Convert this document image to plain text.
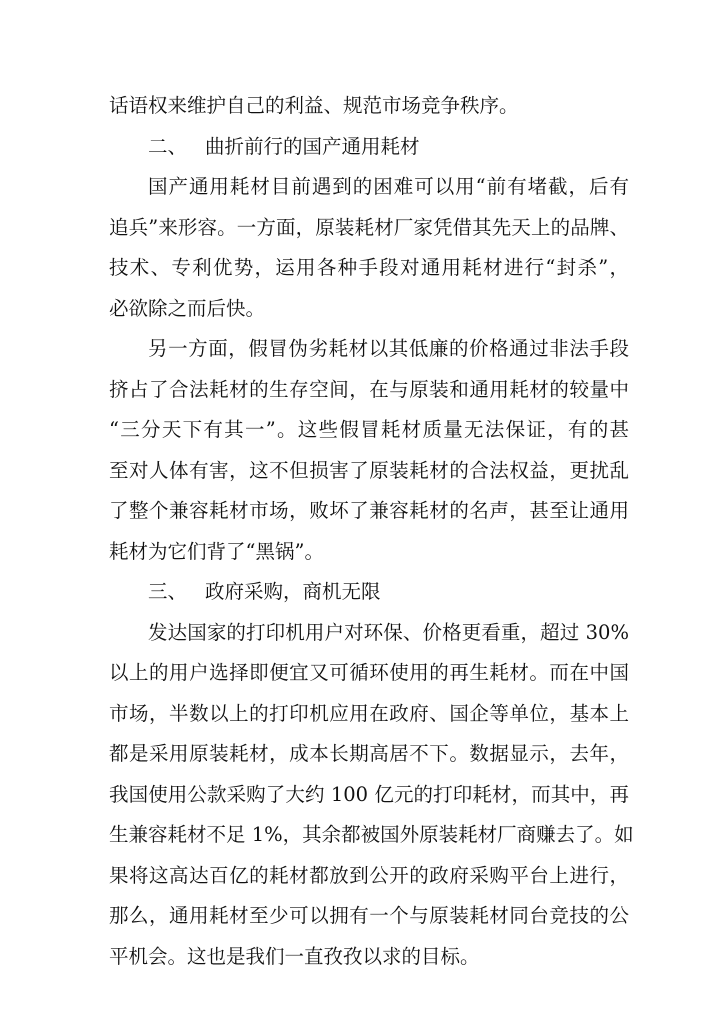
话语权来维护自己的利益、规范市场竞争秩序。
二、 曲折前行的国产通用耗材
国产通用耗材目前遇到的困难可以用“前有堵截，后有
追兵”来形容。一方面，原装耗材厂家凭借其先天上的品牌、
技术、专利优势，运用各种手段对通用耗材进行“封杀”，
必欲除之而后快。
另一方面，假冒伪劣耗材以其低廉的价格通过非法手段
挤占了合法耗材的生存空间，在与原装和通用耗材的较量中
“三分天下有其一”。这些假冒耗材质量无法保证，有的甚
至对人体有害，这不但损害了原装耗材的合法权益，更扰乱
了整个兼容耗材市场，败坏了兼容耗材的名声，甚至让通用
耗材为它们背了“黑锅”。
三、 政府采购，商机无限
发达国家的打印机用户对环保、价格更看重，超过 30%
以上的用户选择即便宜又可循环使用的再生耗材。而在中国
市场，半数以上的打印机应用在政府、国企等单位，基本上
都是采用原装耗材，成本长期高居不下。数据显示，去年，
我国使用公款采购了大约 100 亿元的打印耗材，而其中，再
生兼容耗材不足 1%，其余都被国外原装耗材厂商赚去了。如
果将这高达百亿的耗材都放到公开的政府采购平台上进行，
那么，通用耗材至少可以拥有一个与原装耗材同台竞技的公
平机会。这也是我们一直孜孜以求的目标。
